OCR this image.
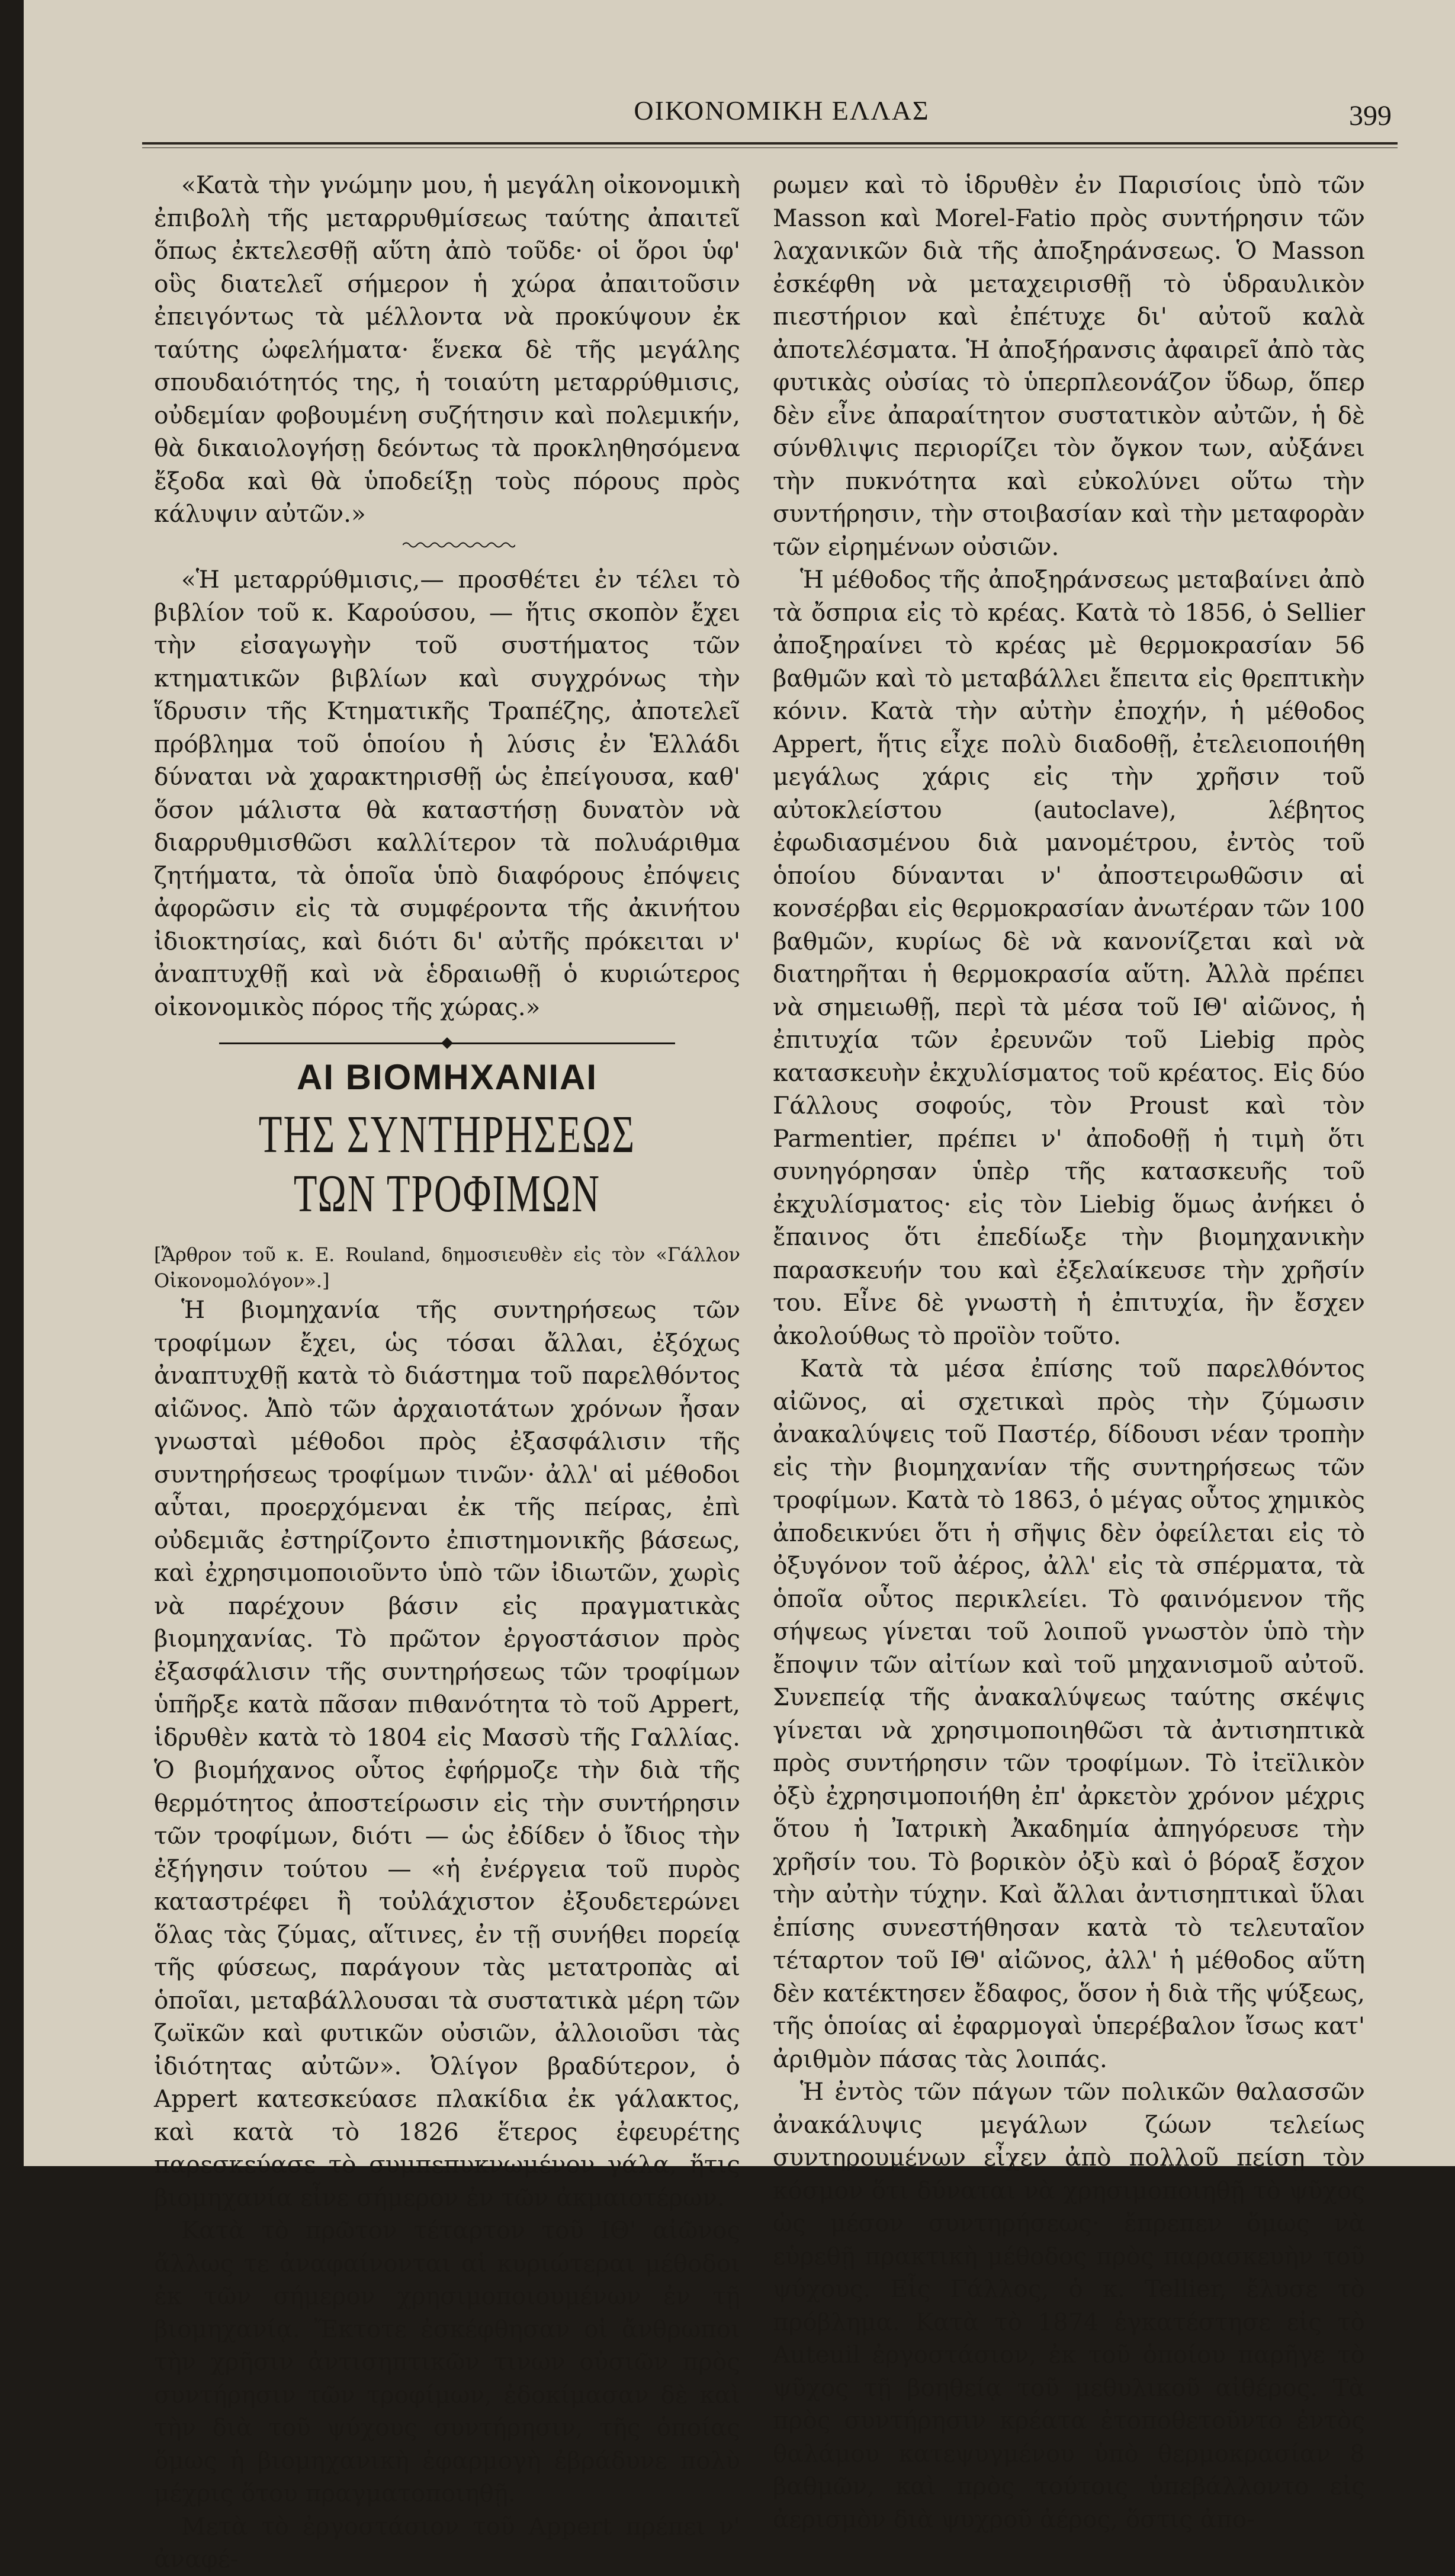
ΟΙΚΟΝΟΜΙΚΗ ΕΛΛΑΣ	399

«Κατὰ τὴν γνώμην μου, ἡ μεγάλη οἰκονομικὴ ἐπιβολὴ τῆς μεταρρυθμίσεως ταύτης ἀπαιτεῖ ὅπως ἐκτελεσθῇ αὕτη ἀπὸ τοῦδε· οἱ ὅροι ὑφ' οὓς διατελεῖ σήμερον ἡ χώρα ἀπαιτοῦσιν ἐπειγόντως τὰ μέλλοντα νὰ προκύψουν ἐκ ταύτης ὠφελήματα· ἕνεκα δὲ τῆς μεγάλης σπουδαιότητός της, ἡ τοιαύτη μεταρρύθμισις, οὐδεμίαν φοβουμένη συζήτησιν καὶ πολεμικήν, θὰ δικαιολογήσῃ δεόντως τὰ προκληθησόμενα ἔξοδα καὶ θὰ ὑποδείξῃ τοὺς πόρους πρὸς κάλυψιν αὐτῶν.»

«Ἡ μεταρρύθμισις,— προσθέτει ἐν τέλει τὸ βιβλίον τοῦ κ. Καρούσου, — ἥτις σκοπὸν ἔχει τὴν εἰσαγωγὴν τοῦ συστήματος τῶν κτηματικῶν βιβλίων καὶ συγχρόνως τὴν ἵδρυσιν τῆς Κτηματικῆς Τραπέζης, ἀποτελεῖ πρόβλημα τοῦ ὁποίου ἡ λύσις ἐν Ἑλλάδι δύναται νὰ χαρακτηρισθῇ ὡς ἐπείγουσα, καθ' ὅσον μάλιστα θὰ καταστήσῃ δυνατὸν νὰ διαρρυθμισθῶσι καλλίτερον τὰ πολυάριθμα ζητήματα, τὰ ὁποῖα ὑπὸ διαφόρους ἐπόψεις ἀφορῶσιν εἰς τὰ συμφέροντα τῆς ἀκινήτου ἰδιοκτησίας, καὶ διότι δι' αὐτῆς πρόκειται ν' ἀναπτυχθῇ καὶ νὰ ἑδραιωθῇ ὁ κυριώτερος οἰκονομικὸς πόρος τῆς χώρας.»

ΑΙ ΒΙΟΜΗΧΑΝΙΑΙ
ΤΗΣ ΣΥΝΤΗΡΗΣΕΩΣ ΤΩΝ ΤΡΟΦΙΜΩΝ

[Ἄρθρον τοῦ κ. E. Rouland, δημοσιευθὲν εἰς τὸν «Γάλλον Οἰκονομολόγον».]

Ἡ βιομηχανία τῆς συντηρήσεως τῶν τροφίμων ἔχει, ὡς τόσαι ἄλλαι, ἐξόχως ἀναπτυχθῇ κατὰ τὸ διάστημα τοῦ παρελθόντος αἰῶνος. Ἀπὸ τῶν ἀρχαιοτάτων χρόνων ἦσαν γνωσταὶ μέθοδοι πρὸς ἐξασφάλισιν τῆς συντηρήσεως τροφίμων τινῶν· ἀλλ' αἱ μέθοδοι αὗται, προερχόμεναι ἐκ τῆς πείρας, ἐπὶ οὐδεμιᾶς ἐστηρίζοντο ἐπιστημονικῆς βάσεως, καὶ ἐχρησιμοποιοῦντο ὑπὸ τῶν ἰδιωτῶν, χωρὶς νὰ παρέχουν βάσιν εἰς πραγματικὰς βιομηχανίας. Τὸ πρῶτον ἐργοστάσιον πρὸς ἐξασφάλισιν τῆς συντηρήσεως τῶν τροφίμων ὑπῆρξε κατὰ πᾶσαν πιθανότητα τὸ τοῦ Appert, ἱδρυθὲν κατὰ τὸ 1804 εἰς Μασσὺ τῆς Γαλλίας. Ὁ βιομήχανος οὗτος ἐφήρμοζε τὴν διὰ τῆς θερμότητος ἀποστείρωσιν εἰς τὴν συντήρησιν τῶν τροφίμων, διότι — ὡς ἐδίδεν ὁ ἴδιος τὴν ἐξήγησιν τούτου — «ἡ ἐνέργεια τοῦ πυρὸς καταστρέφει ἢ τοὐλάχιστον ἐξουδετερώνει ὅλας τὰς ζύμας, αἵτινες, ἐν τῇ συνήθει πορείᾳ τῆς φύσεως, παράγουν τὰς μετατροπὰς αἱ ὁποῖαι, μεταβάλλουσαι τὰ συστατικὰ μέρη τῶν ζωϊκῶν καὶ φυτικῶν οὐσιῶν, ἀλλοιοῦσι τὰς ἰδιότητας αὐτῶν». Ὀλίγον βραδύτερον, ὁ Appert κατεσκεύασε πλακίδια ἐκ γάλακτος, καὶ κατὰ τὸ 1826 ἕτερος ἐφευρέτης παρεσκεύασε τὸ συμπεπυκνωμένον γάλα, ἥτις βιομηχανία εἶνε σήμερον ἐν τῶν ἀκμαιοτέρων.

Κατὰ τὸ πρῶτον τέταρτον τοῦ ΙΘ' αἰῶνος ἄλλως τε ἀναφαίνονται αἱ κυριώτεραι μέθοδοι ἐκ τῶν σήμερον χρησιμοποιουμένων ἐν τῇ βιομηχανίᾳ. Ἔκτοτε ἐσκέφθησαν οἱ ἄνθρωποι τὴν χρῆσιν ἀντισηπτικῶν τινων οὐσιῶν πρὸς συντήρησιν τῶν τροφίμων, ἐδοκίμασαν δὲ καὶ τὴν διὰ τοῦ ψύχους συντήρησιν, τῆς ὁποίας ὅμως ἡ βιομηχανικὴ ἐφαρμογὴ ἐβράδυνε πολὺ μέχρις ὅτου πραγματοποιηθῇ.

Μετὰ τὸ ἐργοστάσιον τοῦ Appert πρέπει ν' ἀναφέ-

ρωμεν καὶ τὸ ἱδρυθὲν ἐν Παρισίοις ὑπὸ τῶν Masson καὶ Morel-Fatio πρὸς συντήρησιν τῶν λαχανικῶν διὰ τῆς ἀποξηράνσεως. Ὁ Masson ἐσκέφθη νὰ μεταχειρισθῇ τὸ ὑδραυλικὸν πιεστήριον καὶ ἐπέτυχε δι' αὐτοῦ καλὰ ἀποτελέσματα. Ἡ ἀποξήρανσις ἀφαιρεῖ ἀπὸ τὰς φυτικὰς οὐσίας τὸ ὑπερπλεονάζον ὕδωρ, ὅπερ δὲν εἶνε ἀπαραίτητον συστατικὸν αὐτῶν, ἡ δὲ σύνθλιψις περιορίζει τὸν ὄγκον των, αὐξάνει τὴν πυκνότητα καὶ εὐκολύνει οὕτω τὴν συντήρησιν, τὴν στοιβασίαν καὶ τὴν μεταφορὰν τῶν εἰρημένων οὐσιῶν.

Ἡ μέθοδος τῆς ἀποξηράνσεως μεταβαίνει ἀπὸ τὰ ὄσπρια εἰς τὸ κρέας. Κατὰ τὸ 1856, ὁ Sellier ἀποξηραίνει τὸ κρέας μὲ θερμοκρασίαν 56 βαθμῶν καὶ τὸ μεταβάλλει ἔπειτα εἰς θρεπτικὴν κόνιν. Κατὰ τὴν αὐτὴν ἐποχήν, ἡ μέθοδος Appert, ἥτις εἶχε πολὺ διαδοθῇ, ἐτελειοποιήθη μεγάλως χάρις εἰς τὴν χρῆσιν τοῦ αὐτοκλείστου (autoclave), λέβητος ἐφωδιασμένου διὰ μανομέτρου, ἐντὸς τοῦ ὁποίου δύνανται ν' ἀποστειρωθῶσιν αἱ κονσέρβαι εἰς θερμοκρασίαν ἀνωτέραν τῶν 100 βαθμῶν, κυρίως δὲ νὰ κανονίζεται καὶ νὰ διατηρῆται ἡ θερμοκρασία αὕτη. Ἀλλὰ πρέπει νὰ σημειωθῇ, περὶ τὰ μέσα τοῦ ΙΘ' αἰῶνος, ἡ ἐπιτυχία τῶν ἐρευνῶν τοῦ Liebig πρὸς κατασκευὴν ἐκχυλίσματος τοῦ κρέατος. Εἰς δύο Γάλλους σοφούς, τὸν Proust καὶ τὸν Parmentier, πρέπει ν' ἀποδοθῇ ἡ τιμὴ ὅτι συνηγόρησαν ὑπὲρ τῆς κατασκευῆς τοῦ ἐκχυλίσματος· εἰς τὸν Liebig ὅμως ἀνήκει ὁ ἔπαινος ὅτι ἐπεδίωξε τὴν βιομηχανικὴν παρασκευήν του καὶ ἐξελαίκευσε τὴν χρῆσίν του. Εἶνε δὲ γνωστὴ ἡ ἐπιτυχία, ἣν ἔσχεν ἀκολούθως τὸ προϊὸν τοῦτο.

Κατὰ τὰ μέσα ἐπίσης τοῦ παρελθόντος αἰῶνος, αἱ σχετικαὶ πρὸς τὴν ζύμωσιν ἀνακαλύψεις τοῦ Παστέρ, δίδουσι νέαν τροπὴν εἰς τὴν βιομηχανίαν τῆς συντηρήσεως τῶν τροφίμων. Κατὰ τὸ 1863, ὁ μέγας οὗτος χημικὸς ἀποδεικνύει ὅτι ἡ σῆψις δὲν ὀφείλεται εἰς τὸ ὀξυγόνον τοῦ ἀέρος, ἀλλ' εἰς τὰ σπέρματα, τὰ ὁποῖα οὗτος περικλείει. Τὸ φαινόμενον τῆς σήψεως γίνεται τοῦ λοιποῦ γνωστὸν ὑπὸ τὴν ἔποψιν τῶν αἰτίων καὶ τοῦ μηχανισμοῦ αὐτοῦ. Συνεπείᾳ τῆς ἀνακαλύψεως ταύτης σκέψις γίνεται νὰ χρησιμοποιηθῶσι τὰ ἀντισηπτικὰ πρὸς συντήρησιν τῶν τροφίμων. Τὸ ἰτεϊλικὸν ὀξὺ ἐχρησιμοποιήθη ἐπ' ἀρκετὸν χρόνον μέχρις ὅτου ἡ Ἰατρικὴ Ἀκαδημία ἀπηγόρευσε τὴν χρῆσίν του. Τὸ βορικὸν ὀξὺ καὶ ὁ βόραξ ἔσχον τὴν αὐτὴν τύχην. Καὶ ἄλλαι ἀντισηπτικαὶ ὕλαι ἐπίσης συνεστήθησαν κατὰ τὸ τελευταῖον τέταρτον τοῦ ΙΘ' αἰῶνος, ἀλλ' ἡ μέθοδος αὕτη δὲν κατέκτησεν ἔδαφος, ὅσον ἡ διὰ τῆς ψύξεως, τῆς ὁποίας αἱ ἐφαρμογαὶ ὑπερέβαλον ἴσως κατ' ἀριθμὸν πάσας τὰς λοιπάς.

Ἡ ἐντὸς τῶν πάγων τῶν πολικῶν θαλασσῶν ἀνακάλυψις μεγάλων ζώων τελείως συντηρουμένων εἶχεν ἀπὸ πολλοῦ πείσῃ τὸν κόσμον ὅτι δύναται νὰ χρησιμοποιηθῇ τὸ ψῦχος ὡς μέσον συντηρήσεως· ἔπρεπεν ὅμως νὰ εὑρεθῇ πρακτικὴ μέθοδος πρὸς παρασκευὴν τοῦ ψύχους. Εἷς Γάλλος, ὁ κ. Tellier, ἔλυσε τὸ πρόβλημα. Κατὰ τὸ 1874 ἐγκατέστησε εἰς τὸ Auteuil ἐργοστάσιον, ἐκ τοῦ ὁποίου παρῆγε τὸ ψῦχος τῇ βοηθείᾳ τοῦ μεθυλικοῦ αἰθέρος. Τὰ πρὸς συντήρησιν κρέατα ἐτοποθετοῦντο ἐντὸς θαλάμου κατεψυγμένου ὑπὸ θερμοκρασίαν 8 βαθμῶν, καὶ πρὸς τούτοις ὑπεβάλλοντο εἰς ἀερισμὸν διὰ ψυχροῦ ἀέρος, ὅστις ἀπο-
